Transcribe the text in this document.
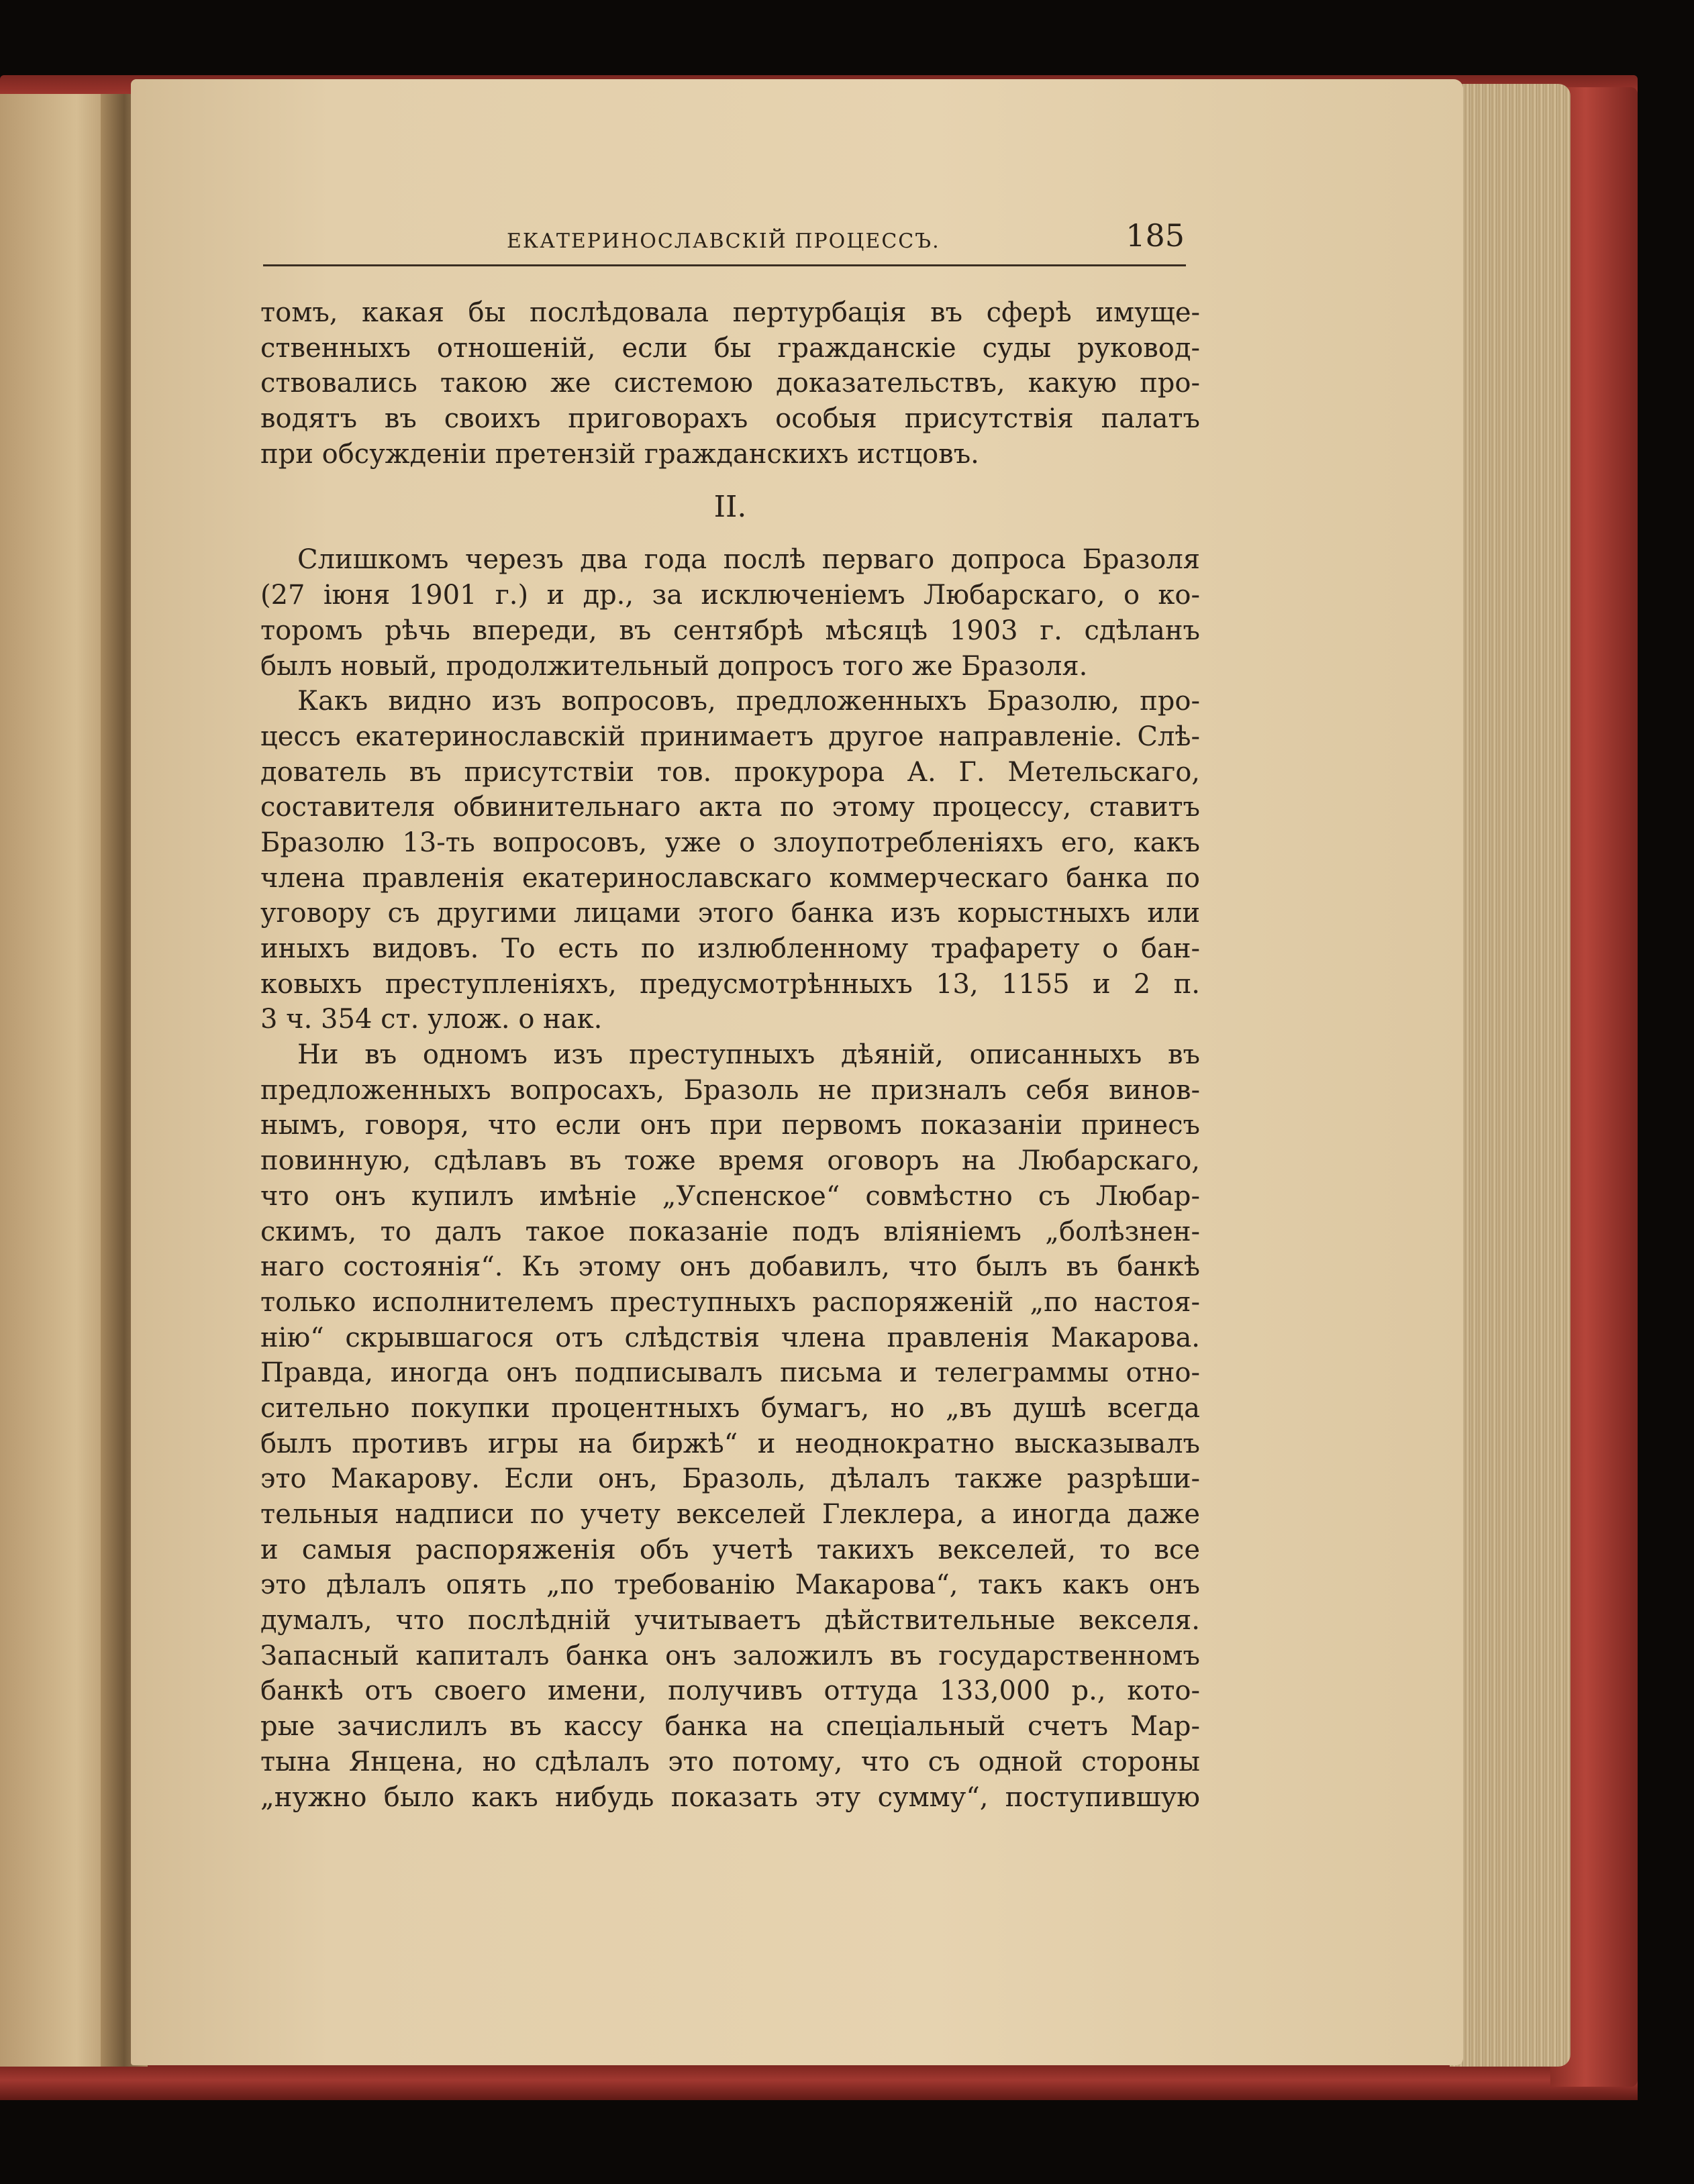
ЕКАТЕРИНОСЛАВСКІЙ ПРОЦЕССЪ.	185
томъ, какая бы послѣдовала пертурбація въ сферѣ имуще-
ственныхъ отношеній, если бы гражданскіе суды руковод-
ствовались такою же системою доказательствъ, какую про-
водятъ въ своихъ приговорахъ особыя присутствія палатъ
при обсужденіи претензій гражданскихъ истцовъ.
II.
Слишкомъ черезъ два года послѣ перваго допроса Бразоля
(27 іюня 1901 г.) и др., за исключеніемъ Любарскаго, о ко-
торомъ рѣчь впереди, въ сентябрѣ мѣсяцѣ 1903 г. сдѣланъ
былъ новый, продолжительный допросъ того же Бразоля.
Какъ видно изъ вопросовъ, предложенныхъ Бразолю, про-
цессъ екатеринославскій принимаетъ другое направленіе. Слѣ-
дователь въ присутствіи тов. прокурора А. Г. Метельскаго,
составителя обвинительнаго акта по этому процессу, ставитъ
Бразолю 13-ть вопросовъ, уже о злоупотребленіяхъ его, какъ
члена правленія екатеринославскаго коммерческаго банка по
уговору съ другими лицами этого банка изъ корыстныхъ или
иныхъ видовъ. То есть по излюбленному трафарету о бан-
ковыхъ преступленіяхъ, предусмотрѣнныхъ 13, 1155 и 2 п.
3 ч. 354 ст. улож. о нак.
Ни въ одномъ изъ преступныхъ дѣяній, описанныхъ въ
предложенныхъ вопросахъ, Бразоль не призналъ себя винов-
нымъ, говоря, что если онъ при первомъ показаніи принесъ
повинную, сдѣлавъ въ тоже время оговоръ на Любарскаго,
что онъ купилъ имѣніе „Успенское“ совмѣстно съ Любар-
скимъ, то далъ такое показаніе подъ вліяніемъ „болѣзнен-
наго состоянія“. Къ этому онъ добавилъ, что былъ въ банкѣ
только исполнителемъ преступныхъ распоряженій „по настоя-
нію“ скрывшагося отъ слѣдствія члена правленія Макарова.
Правда, иногда онъ подписывалъ письма и телеграммы отно-
сительно покупки процентныхъ бумагъ, но „въ душѣ всегда
былъ противъ игры на биржѣ“ и неоднократно высказывалъ
это Макарову. Если онъ, Бразоль, дѣлалъ также разрѣши-
тельныя надписи по учету векселей Глеклера, а иногда даже
и самыя распоряженія объ учетѣ такихъ векселей, то все
это дѣлалъ опять „по требованію Макарова“, такъ какъ онъ
думалъ, что послѣдній учитываетъ дѣйствительные векселя.
Запасный капиталъ банка онъ заложилъ въ государственномъ
банкѣ отъ своего имени, получивъ оттуда 133,000 р., кото-
рые зачислилъ въ кассу банка на спеціальный счетъ Мар-
тына Янцена, но сдѣлалъ это потому, что съ одной стороны
„нужно было какъ нибудь показать эту сумму“, поступившую
